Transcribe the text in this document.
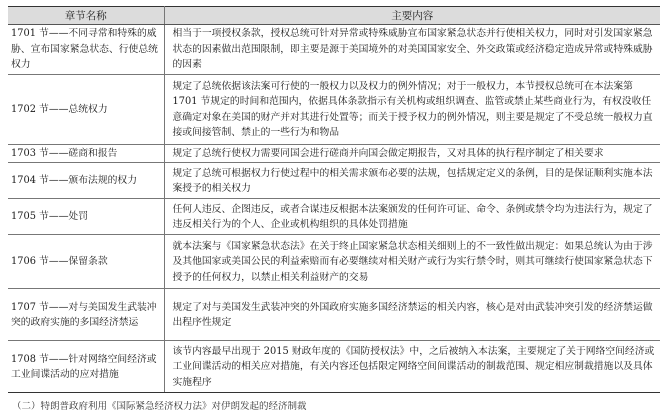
章节名称	主要内容
1701 节——不同寻常和特殊的威胁、宣布国家紧急状态、行使总统权力	相当于一项授权条款，授权总统可针对异常或特殊威胁宣布国家紧急状态并行使相关权力，同时对引发国家紧急状态的因素做出范围限制，即主要是源于美国境外的对美国国家安全、外交政策或经济稳定造成异常或特殊威胁的因素
1702 节——总统权力	规定了总统依据该法案可行使的一般权力以及权力的例外情况；对于一般权力，本节授权总统可在本法案第 1701 节规定的时间和范围内，依据具体条款指示有关机构或组织调查、监管或禁止某些商业行为，有权没收任意确定对象在美国的财产并对其进行处置等；而关于授予权力的例外情况，则主要是规定了不受总统一般权力直接或间接管制、禁止的一些行为和物品
1703 节——磋商和报告	规定了总统行使权力需要同国会进行磋商并向国会做定期报告，又对具体的执行程序制定了相关要求
1704 节——颁布法规的权力	规定了总统可根据权力行使过程中的相关需求颁布必要的法规，包括规定定义的条例，目的是保证顺利实施本法案授予的相关权力
1705 节——处罚	任何人违反、企图违反，或者合谋违反根据本法案颁发的任何许可证、命令、条例或禁令均为违法行为，规定了违反相关行为的个人、企业或机构组织的具体处罚措施
1706 节——保留条款	就本法案与《国家紧急状态法》在关于终止国家紧急状态相关细则上的不一致性做出规定：如果总统认为由于涉及其他国家或美国公民的利益索赔而有必要继续对相关财产或行为实行禁令时，则其可继续行使国家紧急状态下授予的任何权力，以禁止相关利益财产的交易
1707 节——对与美国发生武装冲突的政府实施的多国经济禁运	规定了对与美国发生武装冲突的外国政府实施多国经济禁运的相关内容，核心是对由武装冲突引发的经济禁运做出程序性规定
1708 节——针对网络空间经济或工业间谍活动的应对措施	该节内容最早出现于 2015 财政年度的《国防授权法》中，之后被纳入本法案，主要规定了关于网络空间经济或工业间谍活动的相关应对措施，有关内容还包括限定网络空间间谍活动的制裁范围、规定相应制裁措施以及具体实施程序
（二）特朗普政府利用《国际紧急经济权力法》对伊朗发起的经济制裁
